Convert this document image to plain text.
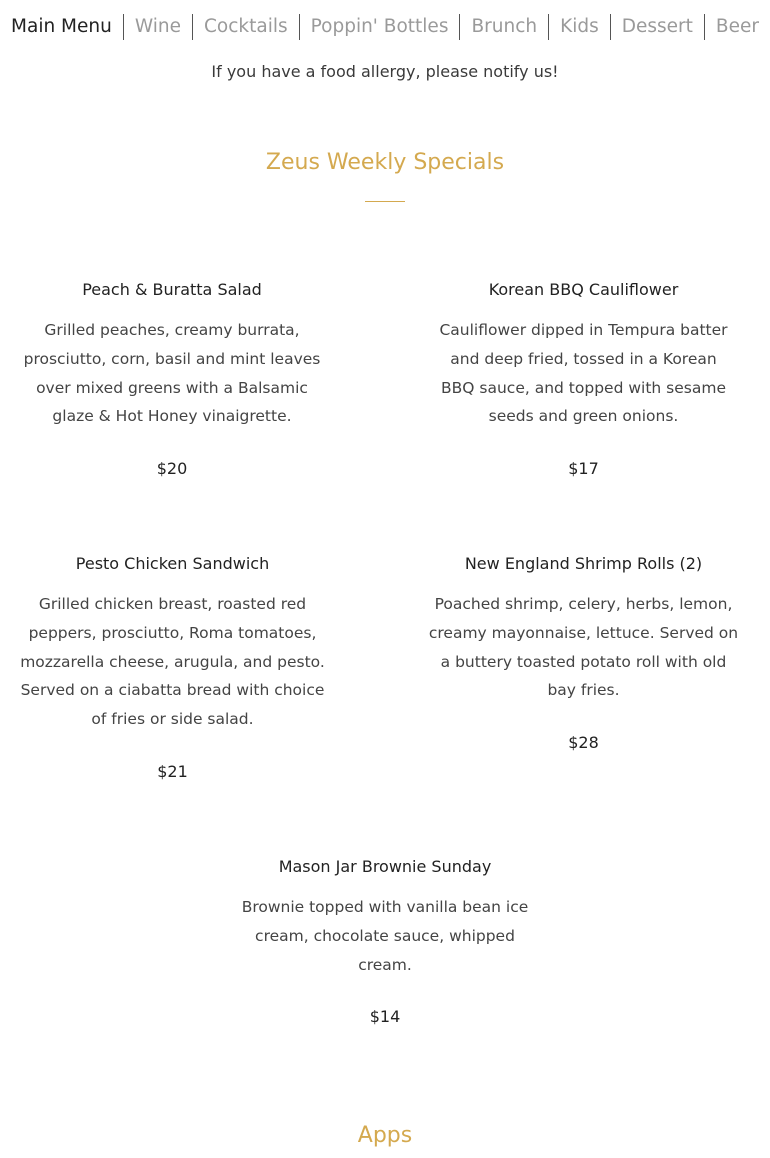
Main Menu	Wine	Cocktails	Poppin' Bottles	Brunch	Kids	Dessert	Beer

If you have a food allergy, please notify us!

Zeus Weekly Specials
Peach & Buratta Salad

Grilled peaches, creamy burrata, prosciutto, corn, basil and mint leaves over mixed greens with a Balsamic glaze & Hot Honey vinaigrette.

$20

Korean BBQ Cauliflower

Cauliflower dipped in Tempura batter and deep fried, tossed in a Korean BBQ sauce, and topped with sesame seeds and green onions.

$17

Pesto Chicken Sandwich

Grilled chicken breast, roasted red peppers, prosciutto, Roma tomatoes, mozzarella cheese, arugula, and pesto. Served on a ciabatta bread with choice of fries or side salad.

$21

New England Shrimp Rolls (2)

Poached shrimp, celery, herbs, lemon, creamy mayonnaise, lettuce. Served on a buttery toasted potato roll with old bay fries.

$28

Mason Jar Brownie Sunday

Brownie topped with vanilla bean ice cream, chocolate sauce, whipped cream.

$14

Apps
